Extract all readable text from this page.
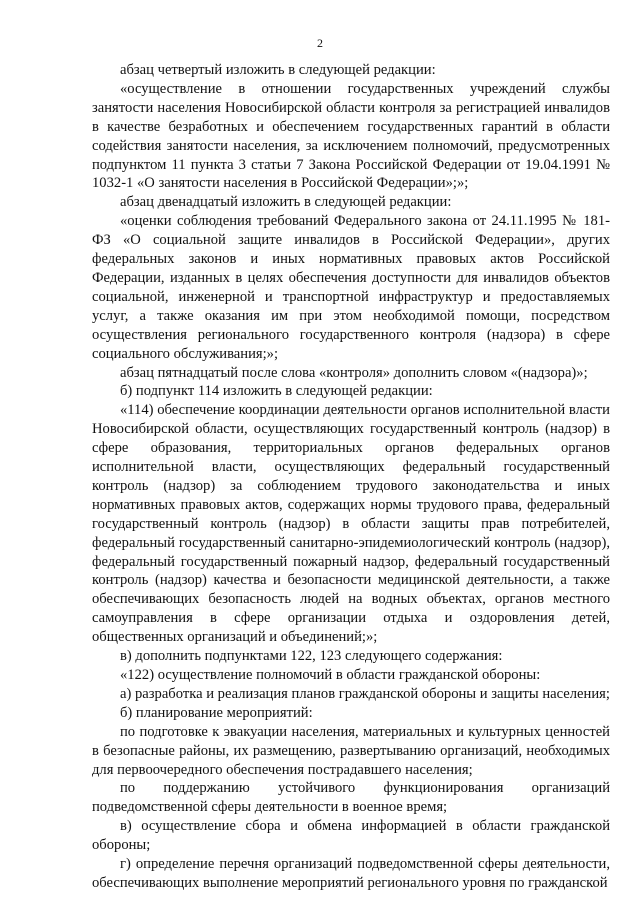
2

абзац четвертый изложить в следующей редакции:

«осуществление в отношении государственных учреждений службы занятости населения Новосибирской области контроля за регистрацией инвалидов в качестве безработных и обеспечением государственных гарантий в области содействия занятости населения, за исключением полномочий, предусмотренных подпунктом 11 пункта 3 статьи 7 Закона Российской Федерации от 19.04.1991 № 1032-1 «О занятости населения в Российской Федерации»;»;

абзац двенадцатый изложить в следующей редакции:

«оценки соблюдения требований Федерального закона от 24.11.1995 № 181-ФЗ «О социальной защите инвалидов в Российской Федерации», других федеральных законов и иных нормативных правовых актов Российской Федерации, изданных в целях обеспечения доступности для инвалидов объектов социальной, инженерной и транспортной инфраструктур и предоставляемых услуг, а также оказания им при этом необходимой помощи, посредством осуществления регионального государственного контроля (надзора) в сфере социального обслуживания;»;

абзац пятнадцатый после слова «контроля» дополнить словом «(надзора)»;

б) подпункт 114 изложить в следующей редакции:

«114) обеспечение координации деятельности органов исполнительной власти Новосибирской области, осуществляющих государственный контроль (надзор) в сфере образования, территориальных органов федеральных органов исполнительной власти, осуществляющих федеральный государственный контроль (надзор) за соблюдением трудового законодательства и иных нормативных правовых актов, содержащих нормы трудового права, федеральный государственный контроль (надзор) в области защиты прав потребителей, федеральный государственный санитарно-эпидемиологический контроль (надзор), федеральный государственный пожарный надзор, федеральный государственный контроль (надзор) качества и безопасности медицинской деятельности, а также обеспечивающих безопасность людей на водных объектах, органов местного самоуправления в сфере организации отдыха и оздоровления детей, общественных организаций и объединений;»;

в) дополнить подпунктами 122, 123 следующего содержания:

«122) осуществление полномочий в области гражданской обороны:

а) разработка и реализация планов гражданской обороны и защиты населения;

б) планирование мероприятий:

по подготовке к эвакуации населения, материальных и культурных ценностей в безопасные районы, их размещению, развертыванию организаций, необходимых для первоочередного обеспечения пострадавшего населения;

по поддержанию устойчивого функционирования организаций подведомственной сферы деятельности в военное время;

в) осуществление сбора и обмена информацией в области гражданской обороны;

г) определение перечня организаций подведомственной сферы деятельности, обеспечивающих выполнение мероприятий регионального уровня по гражданской
